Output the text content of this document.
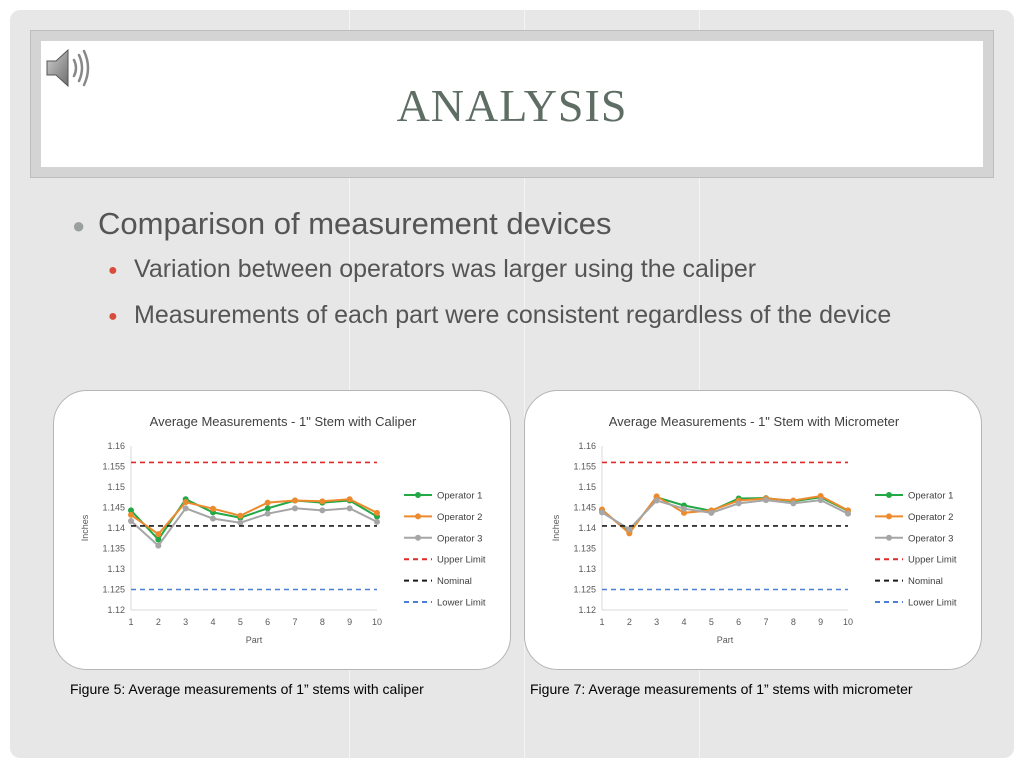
ANALYSIS
● Comparison of measurement devices
● Variation between operators was larger using the caliper
● Measurements of each part were consistent regardless of the device
Average Measurements - 1" Stem with Caliper
1.12
1.125
1.13
1.135
1.14
1.145
1.15
1.155
1.16
1 2 3 4 5 6 7 8 9 10
Part
Inches
Operator 1
Operator 2
Operator 3
Upper Limit
Nominal
Lower Limit
Average Measurements - 1" Stem with Micrometer
1.12
1.125
1.13
1.135
1.14
1.145
1.15
1.155
1.16
1 2 3 4 5 6 7 8 9 10
Part
Inches
Operator 1
Operator 2
Operator 3
Upper Limit
Nominal
Lower Limit
Figure 5: Average measurements of 1” stems with caliper	Figure 7: Average measurements of 1” stems with micrometer
